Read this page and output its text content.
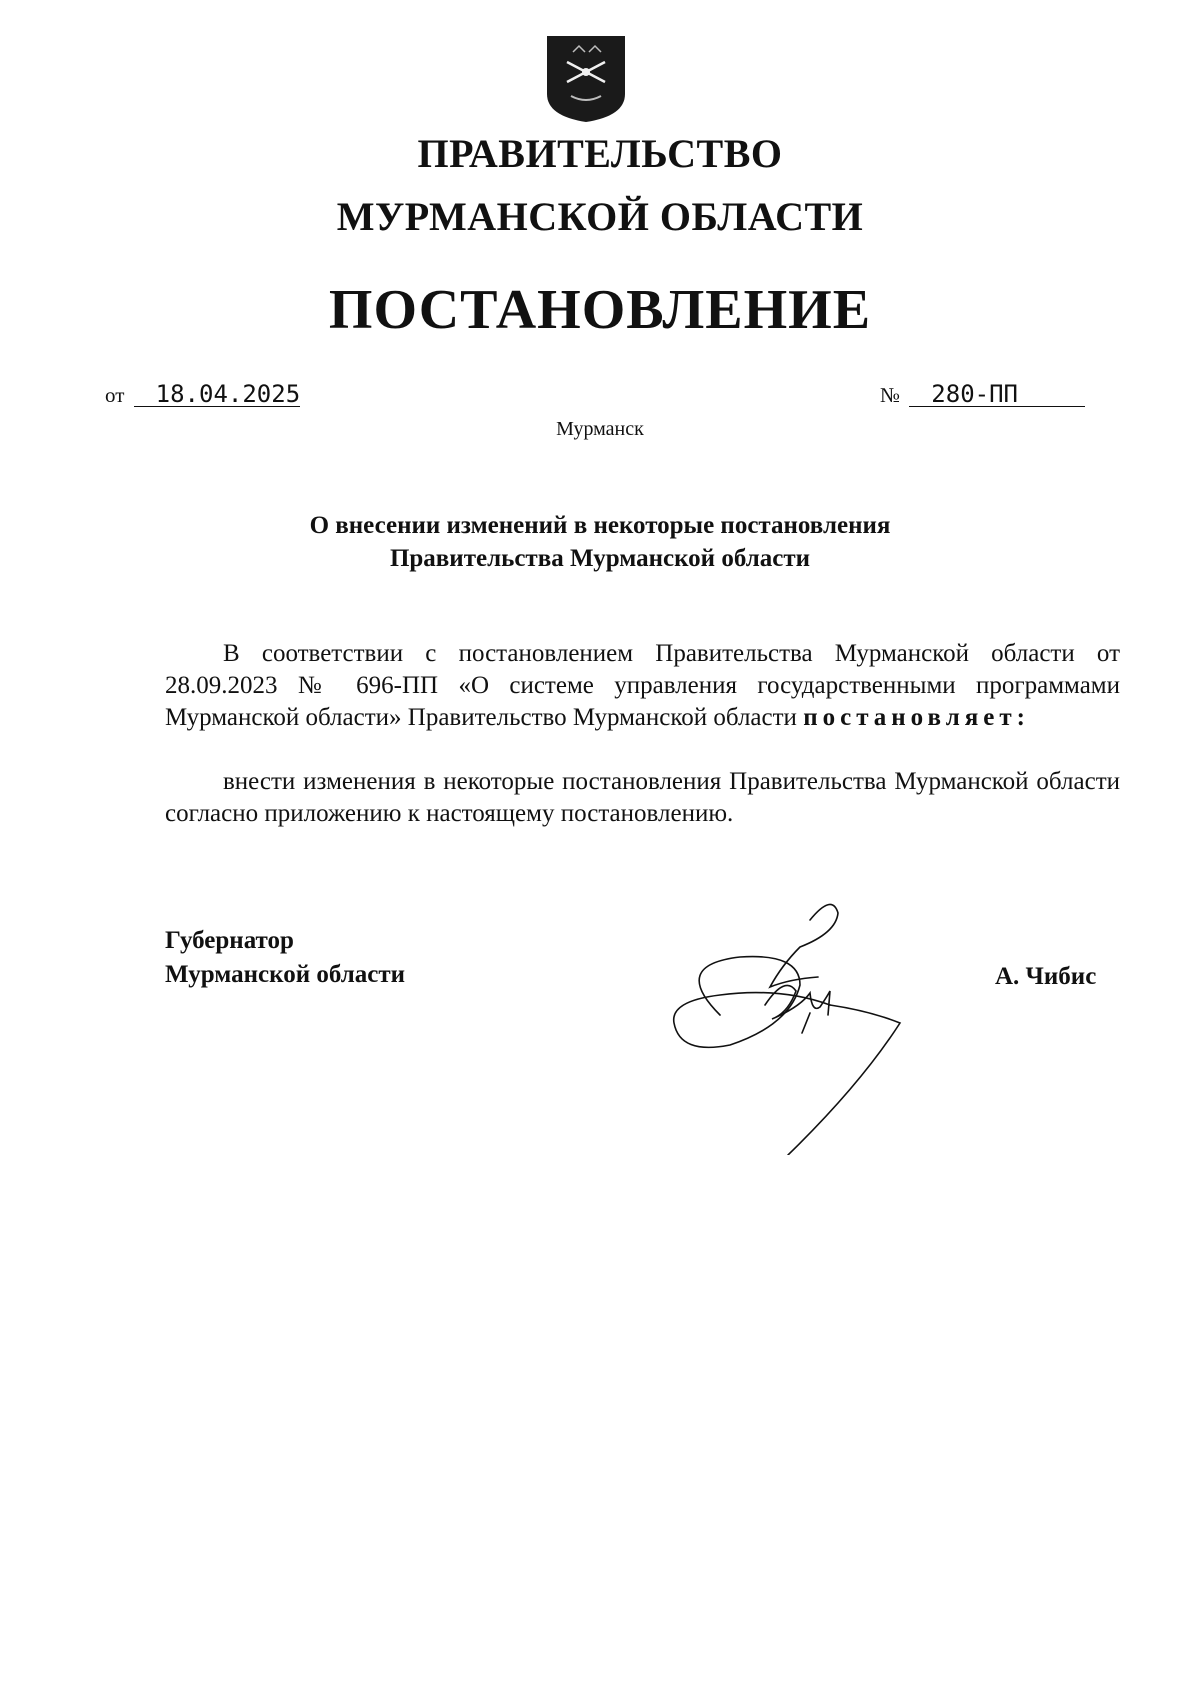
ПРАВИТЕЛЬСТВО
МУРМАНСКОЙ ОБЛАСТИ
ПОСТАНОВЛЕНИЕ
от 18.04.2025	№ 280-ПП
Мурманск

О внесении изменений в некоторые постановления

Правительства Мурманской области

В соответствии с постановлением Правительства Мурманской области от 28.09.2023 № 696-ПП «О системе управления государственными программами Мурманской области» Правительство Мурманской области постановляет:
внести изменения в некоторые постановления Правительства Мурманской области согласно приложению к настоящему постановлению.
Губернатор
Мурманской области	А. Чибис
